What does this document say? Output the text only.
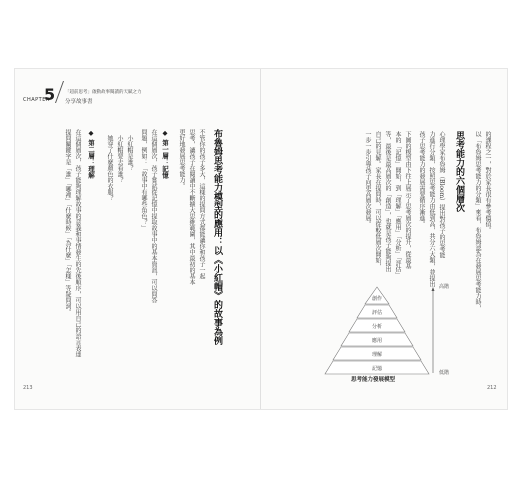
CHAPTER
5 「超前思考」啟動故事閱讀的天賦之力
分享故事書
布魯姆思考能力模型的應用：以《小紅帽》的故事為例
不管你的孩子多大，這樣的提問方式都能讓你和孩子一起
思考，讓孩子在閱讀中不斷擴大思維範圍，其中最初的基本
更好地發展思考能力。
◆ 第一層：記憶
在這個層次，孩子嘗試從記憶中提取故事中的基本資訊，可以問答
問題，例如：「故事中有哪些角色？」
小紅帽是誰？
小紅帽要去看誰？
她穿了什麼顏色的衣服？
◆ 第二層：理解
在這個層次，孩子能夠理解故事的意義和事情發生的先後順序，可以用自己的語言表達
提問關鍵字是「誰」「哪裡」「什麼時候」「為什麼」「怎樣」等疑問詞。
213
的課程之一，對於家長很有參考價值。
以「布魯姆思考能力的分類」來看，布魯姆認為在發展思考能力時，
思考能力的六個層次
心理學家布魯姆（Bloom）提出對孩子的思考能
力進行分類，按照思考能力由低到高，共分六大類，並提出
孩子思考能力的發展需要循序漸進。
下圖的模型由下往上展示了思考層次的提升，從最基
本的「記憶」開始，到「理解」「應用」「分析」「評估」
等，最後是最高層次的「創造」，也就是孩子能夠提出
自己的見解。家長在提問時，可以從較低層次開始，
一步一步引導孩子向更高層次發展。
創作
評估
分析
應用
理解
記憶
高階
低階
思考能力發展模型
212
